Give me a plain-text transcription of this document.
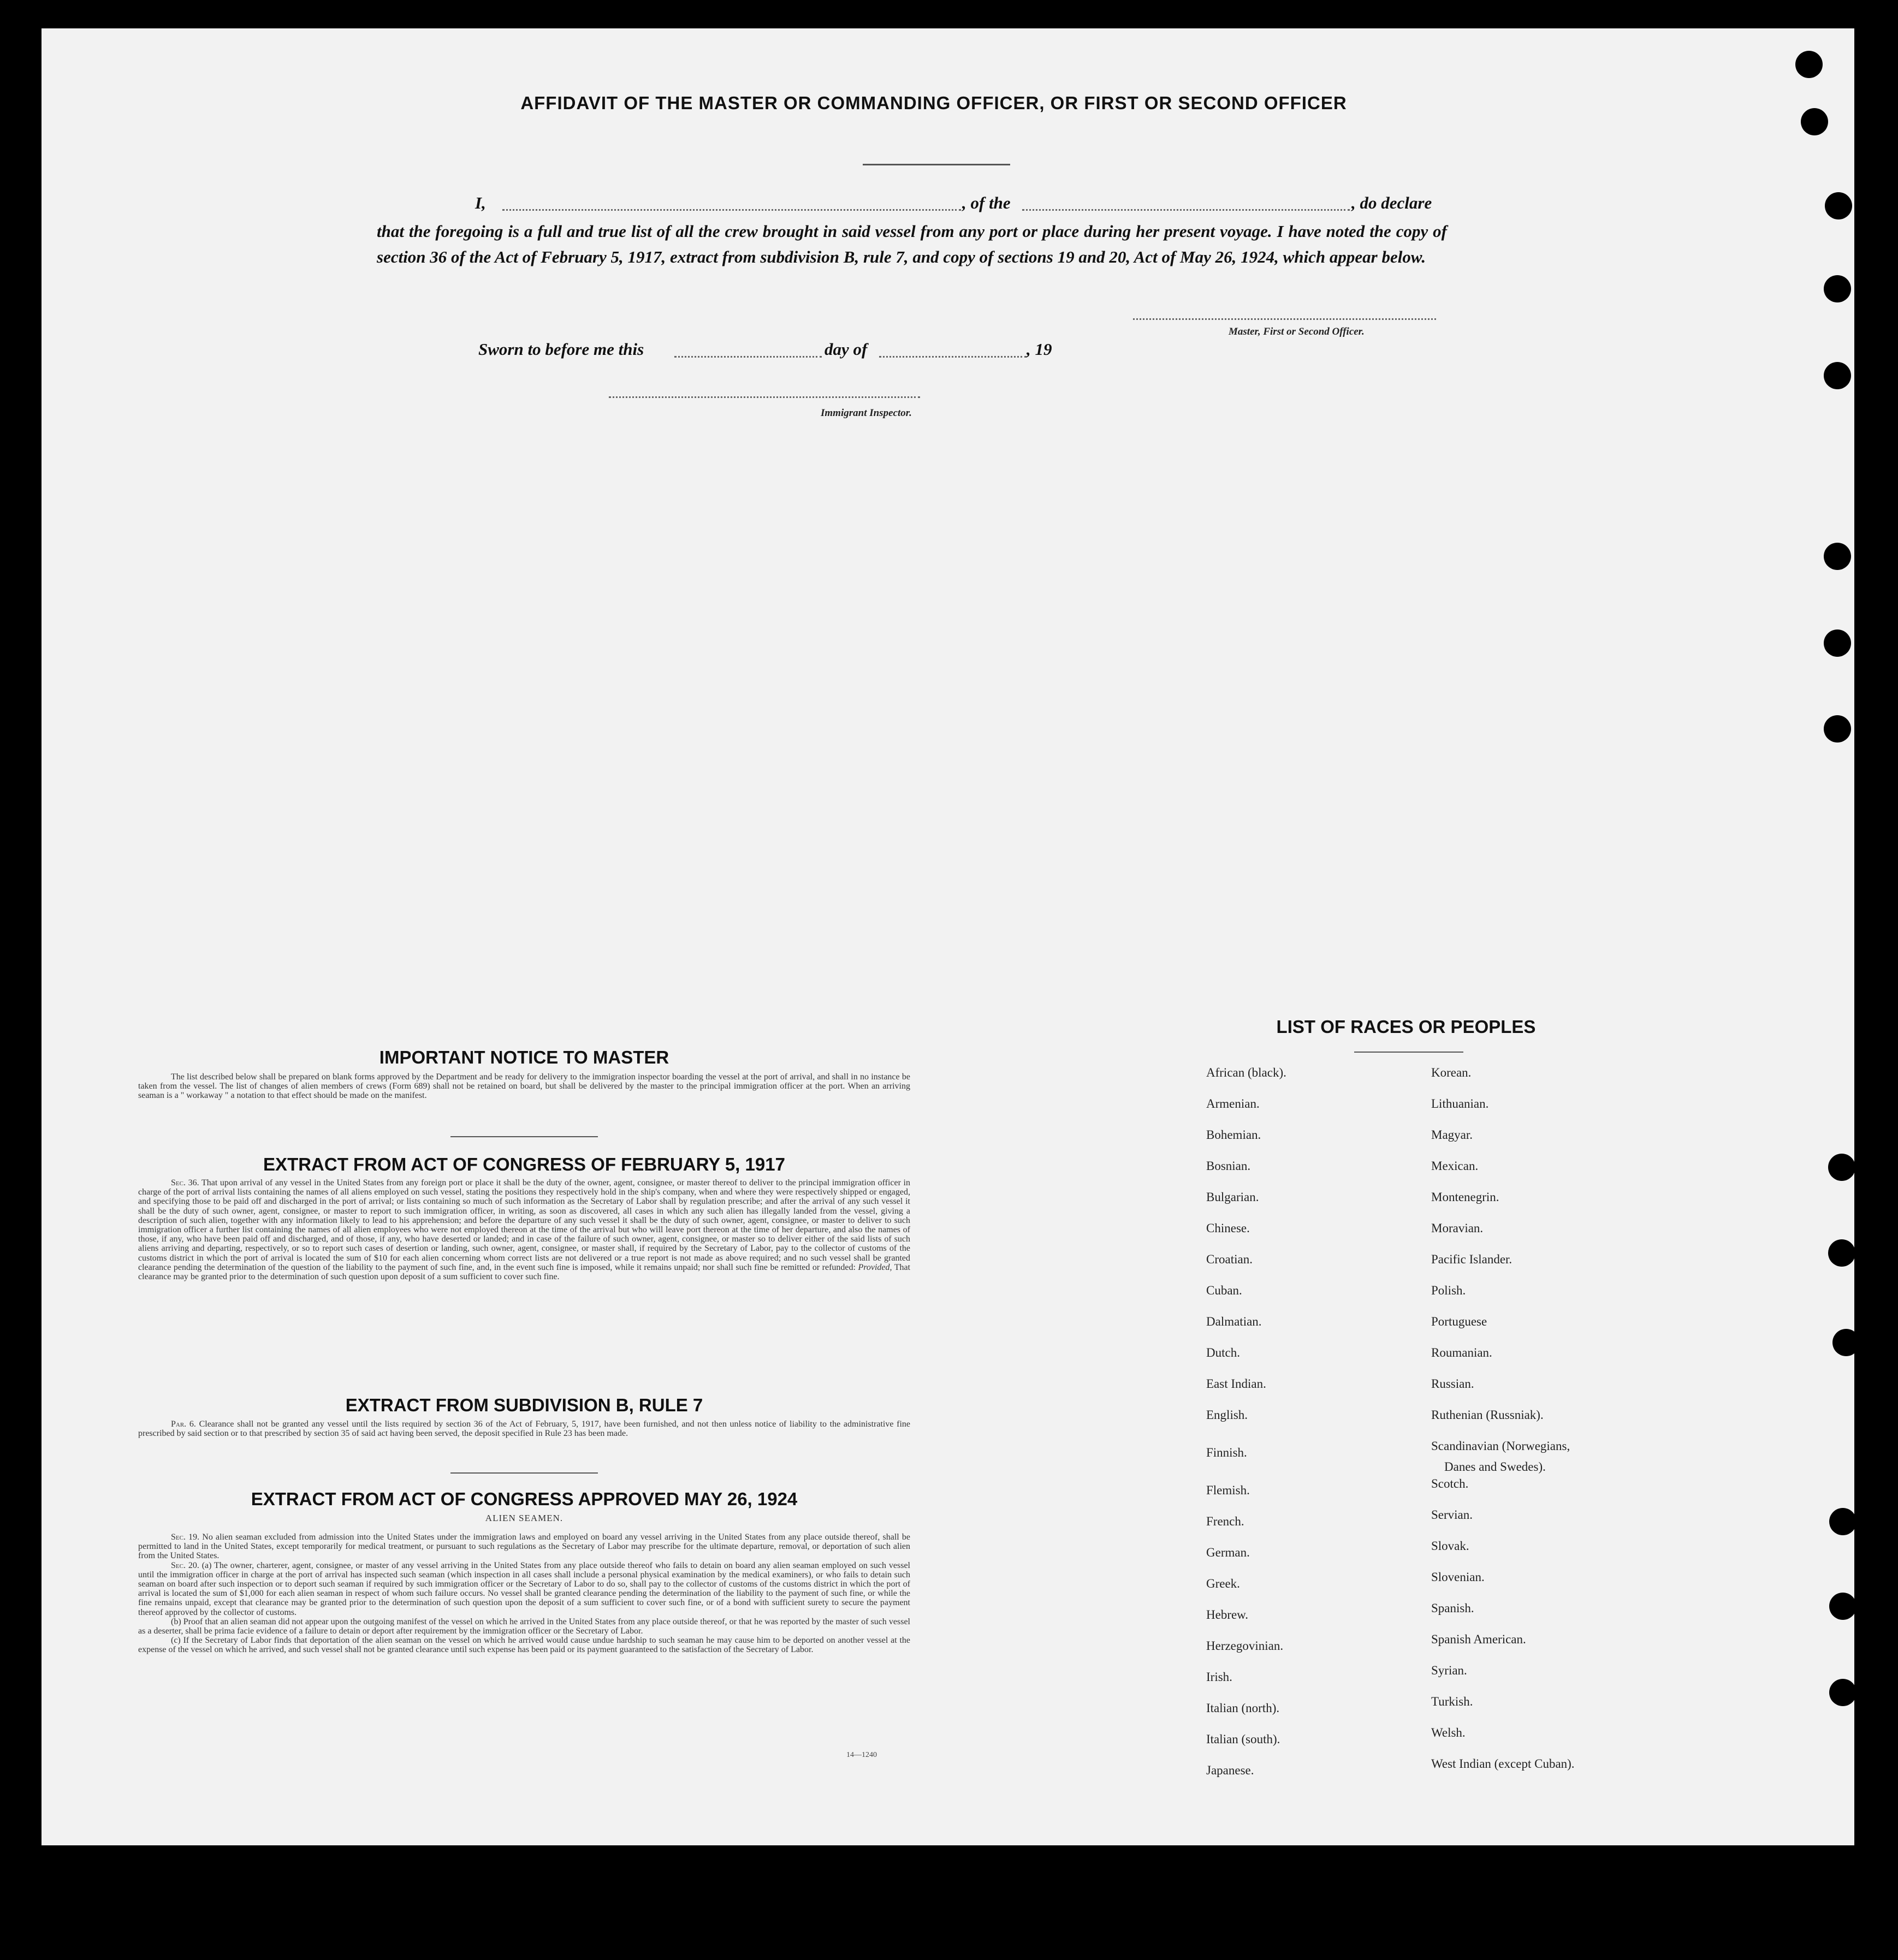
AFFIDAVIT OF THE MASTER OR COMMANDING OFFICER, OR FIRST OR SECOND OFFICER
I,	, of the	, do declare
that the foregoing is a full and true list of all the crew brought in said vessel from any port or place during her present voyage. I have noted the copy of section 36 of the Act of February 5, 1917, extract from subdivision B, rule 7, and copy of sections 19 and 20, Act of May 26, 1924, which appear below.
Master, First or Second Officer.
Sworn to before me this	day of	, 19
Immigrant Inspector.
IMPORTANT NOTICE TO MASTER
The list described below shall be prepared on blank forms approved by the Department and be ready for delivery to the immigration inspector boarding the vessel at the port of arrival, and shall in no instance be taken from the vessel. The list of changes of alien members of crews (Form 689) shall not be retained on board, but shall be delivered by the master to the principal immigration officer at the port. When an arriving seaman is a " workaway " a notation to that effect should be made on the manifest.
EXTRACT FROM ACT OF CONGRESS OF FEBRUARY 5, 1917
Sec. 36. That upon arrival of any vessel in the United States from any foreign port or place it shall be the duty of the owner, agent, consignee, or master thereof to deliver to the principal immigration officer in charge of the port of arrival lists containing the names of all aliens employed on such vessel, stating the positions they respectively hold in the ship's company, when and where they were respectively shipped or engaged, and specifying those to be paid off and discharged in the port of arrival; or lists containing so much of such information as the Secretary of Labor shall by regulation prescribe; and after the arrival of any such vessel it shall be the duty of such owner, agent, consignee, or master to report to such immigration officer, in writing, as soon as discovered, all cases in which any such alien has illegally landed from the vessel, giving a description of such alien, together with any information likely to lead to his apprehension; and before the departure of any such vessel it shall be the duty of such owner, agent, consignee, or master to deliver to such immigration officer a further list containing the names of all alien employees who were not employed thereon at the time of the arrival but who will leave port thereon at the time of her departure, and also the names of those, if any, who have been paid off and discharged, and of those, if any, who have deserted or landed; and in case of the failure of such owner, agent, consignee, or master so to deliver either of the said lists of such aliens arriving and departing, respectively, or so to report such cases of desertion or landing, such owner, agent, consignee, or master shall, if required by the Secretary of Labor, pay to the collector of customs of the customs district in which the port of arrival is located the sum of $10 for each alien concerning whom correct lists are not delivered or a true report is not made as above required; and no such vessel shall be granted clearance pending the determination of the question of the liability to the payment of such fine, and, in the event such fine is imposed, while it remains unpaid; nor shall such fine be remitted or refunded: Provided, That clearance may be granted prior to the determination of such question upon deposit of a sum sufficient to cover such fine.
EXTRACT FROM SUBDIVISION B, RULE 7
Par. 6. Clearance shall not be granted any vessel until the lists required by section 36 of the Act of February, 5, 1917, have been furnished, and not then unless notice of liability to the administrative fine prescribed by said section or to that prescribed by section 35 of said act having been served, the deposit specified in Rule 23 has been made.
EXTRACT FROM ACT OF CONGRESS APPROVED MAY 26, 1924
ALIEN SEAMEN.
Sec. 19. No alien seaman excluded from admission into the United States under the immigration laws and employed on board any vessel arriving in the United States from any place outside thereof, shall be permitted to land in the United States, except temporarily for medical treatment, or pursuant to such regulations as the Secretary of Labor may prescribe for the ultimate departure, removal, or deportation of such alien from the United States.
Sec. 20. (a) The owner, charterer, agent, consignee, or master of any vessel arriving in the United States from any place outside thereof who fails to detain on board any alien seaman employed on such vessel until the immigration officer in charge at the port of arrival has inspected such seaman (which inspection in all cases shall include a personal physical examination by the medical examiners), or who fails to detain such seaman on board after such inspection or to deport such seaman if required by such immigration officer or the Secretary of Labor to do so, shall pay to the collector of customs of the customs district in which the port of arrival is located the sum of $1,000 for each alien seaman in respect of whom such failure occurs. No vessel shall be granted clearance pending the determination of the liability to the payment of such fine, or while the fine remains unpaid, except that clearance may be granted prior to the determination of such question upon the deposit of a sum sufficient to cover such fine, or of a bond with sufficient surety to secure the payment thereof approved by the collector of customs.
(b) Proof that an alien seaman did not appear upon the outgoing manifest of the vessel on which he arrived in the United States from any place outside thereof, or that he was reported by the master of such vessel as a deserter, shall be prima facie evidence of a failure to detain or deport after requirement by the immigration officer or the Secretary of Labor.
(c) If the Secretary of Labor finds that deportation of the alien seaman on the vessel on which he arrived would cause undue hardship to such seaman he may cause him to be deported on another vessel at the expense of the vessel on which he arrived, and such vessel shall not be granted clearance until such expense has been paid or its payment guaranteed to the satisfaction of the Secretary of Labor.
14—1240
LIST OF RACES OR PEOPLES
African (black).
Armenian.
Bohemian.
Bosnian.
Bulgarian.
Chinese.
Croatian.
Cuban.
Dalmatian.
Dutch.
East Indian.
English.
Finnish.
Flemish.
French.
German.
Greek.
Hebrew.
Herzegovinian.
Irish.
Italian (north).
Italian (south).
Japanese.
Korean.
Lithuanian.
Magyar.
Mexican.
Montenegrin.
Moravian.
Pacific Islander.
Polish.
Portuguese
Roumanian.
Russian.
Ruthenian (Russniak).
Scandinavian (Norwegians,
Danes and Swedes).
Scotch.
Servian.
Slovak.
Slovenian.
Spanish.
Spanish American.
Syrian.
Turkish.
Welsh.
West Indian (except Cuban).
